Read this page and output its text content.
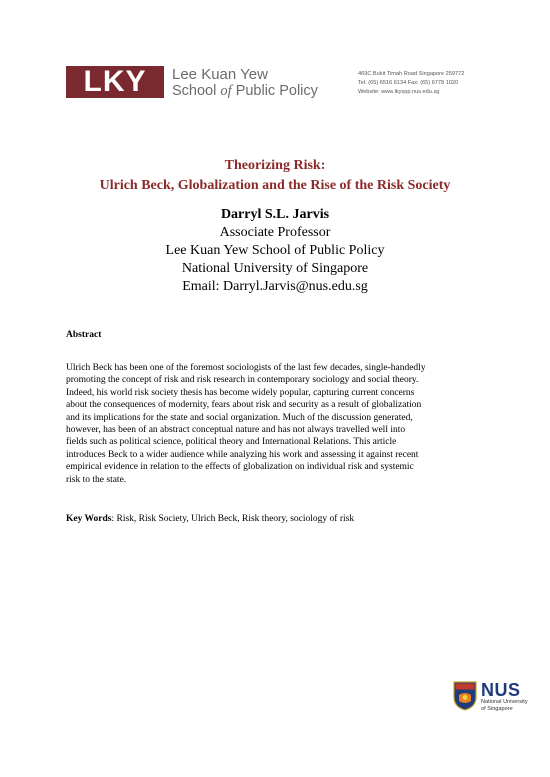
LKY Lee Kuan Yew
School of Public Policy
469C Bukit Timah Road Singapore 259772
Tel: (65) 6516 6134 Fax: (65) 6778 1020
Website: www.lkyspp.nus.edu.sg
Theorizing Risk:
Ulrich Beck, Globalization and the Rise of the Risk Society
Darryl S.L. Jarvis
Associate Professor
Lee Kuan Yew School of Public Policy
National University of Singapore
Email: Darryl.Jarvis@nus.edu.sg
Abstract
Ulrich Beck has been one of the foremost sociologists of the last few decades, single-handedly
promoting the concept of risk and risk research in contemporary sociology and social theory.
Indeed, his world risk society thesis has become widely popular, capturing current concerns
about the consequences of modernity, fears about risk and security as a result of globalization
and its implications for the state and social organization. Much of the discussion generated,
however, has been of an abstract conceptual nature and has not always travelled well into
fields such as political science, political theory and International Relations. This article
introduces Beck to a wider audience while analyzing his work and assessing it against recent
empirical evidence in relation to the effects of globalization on individual risk and systemic
risk to the state.
Key Words: Risk, Risk Society, Ulrich Beck, Risk theory, sociology of risk
NUS
National University
of Singapore
